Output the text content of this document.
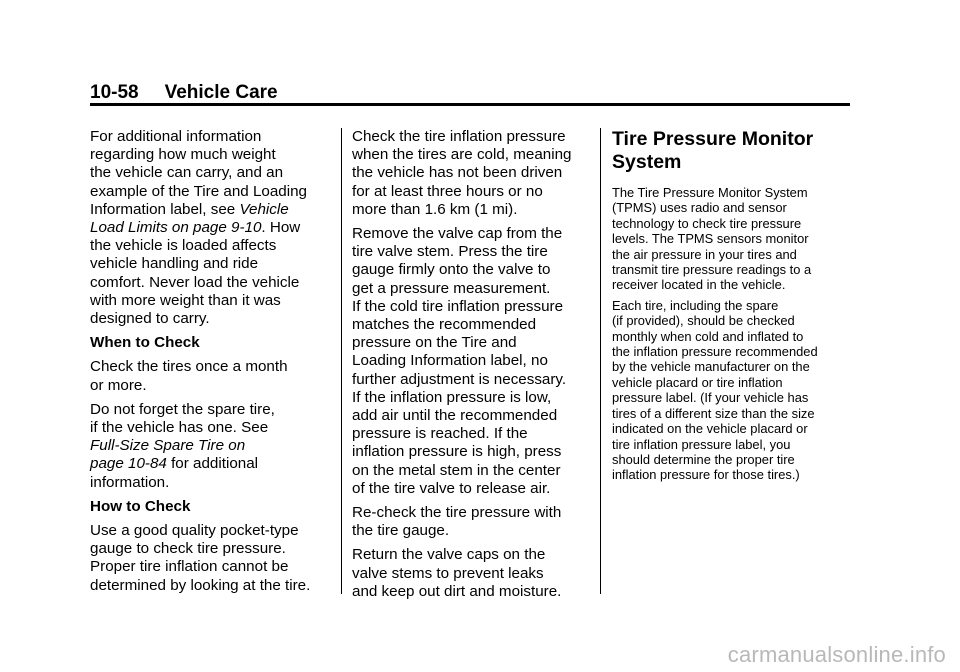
10-58 Vehicle Care

For additional information
regarding how much weight
the vehicle can carry, and an
example of the Tire and Loading
Information label, see Vehicle
Load Limits on page 9-10. How
the vehicle is loaded affects
vehicle handling and ride
comfort. Never load the vehicle
with more weight than it was
designed to carry.

When to Check

Check the tires once a month
or more.

Do not forget the spare tire,
if the vehicle has one. See
Full-Size Spare Tire on
page 10-84 for additional
information.

How to Check

Use a good quality pocket-type
gauge to check tire pressure.
Proper tire inflation cannot be
determined by looking at the tire.

Check the tire inflation pressure
when the tires are cold, meaning
the vehicle has not been driven
for at least three hours or no
more than 1.6 km (1 mi).

Remove the valve cap from the
tire valve stem. Press the tire
gauge firmly onto the valve to
get a pressure measurement.
If the cold tire inflation pressure
matches the recommended
pressure on the Tire and
Loading Information label, no
further adjustment is necessary.
If the inflation pressure is low,
add air until the recommended
pressure is reached. If the
inflation pressure is high, press
on the metal stem in the center
of the tire valve to release air.

Re-check the tire pressure with
the tire gauge.

Return the valve caps on the
valve stems to prevent leaks
and keep out dirt and moisture.

Tire Pressure Monitor
System

The Tire Pressure Monitor System
(TPMS) uses radio and sensor
technology to check tire pressure
levels. The TPMS sensors monitor
the air pressure in your tires and
transmit tire pressure readings to a
receiver located in the vehicle.

Each tire, including the spare
(if provided), should be checked
monthly when cold and inflated to
the inflation pressure recommended
by the vehicle manufacturer on the
vehicle placard or tire inflation
pressure label. (If your vehicle has
tires of a different size than the size
indicated on the vehicle placard or
tire inflation pressure label, you
should determine the proper tire
inflation pressure for those tires.)

carmanualsonline.info
